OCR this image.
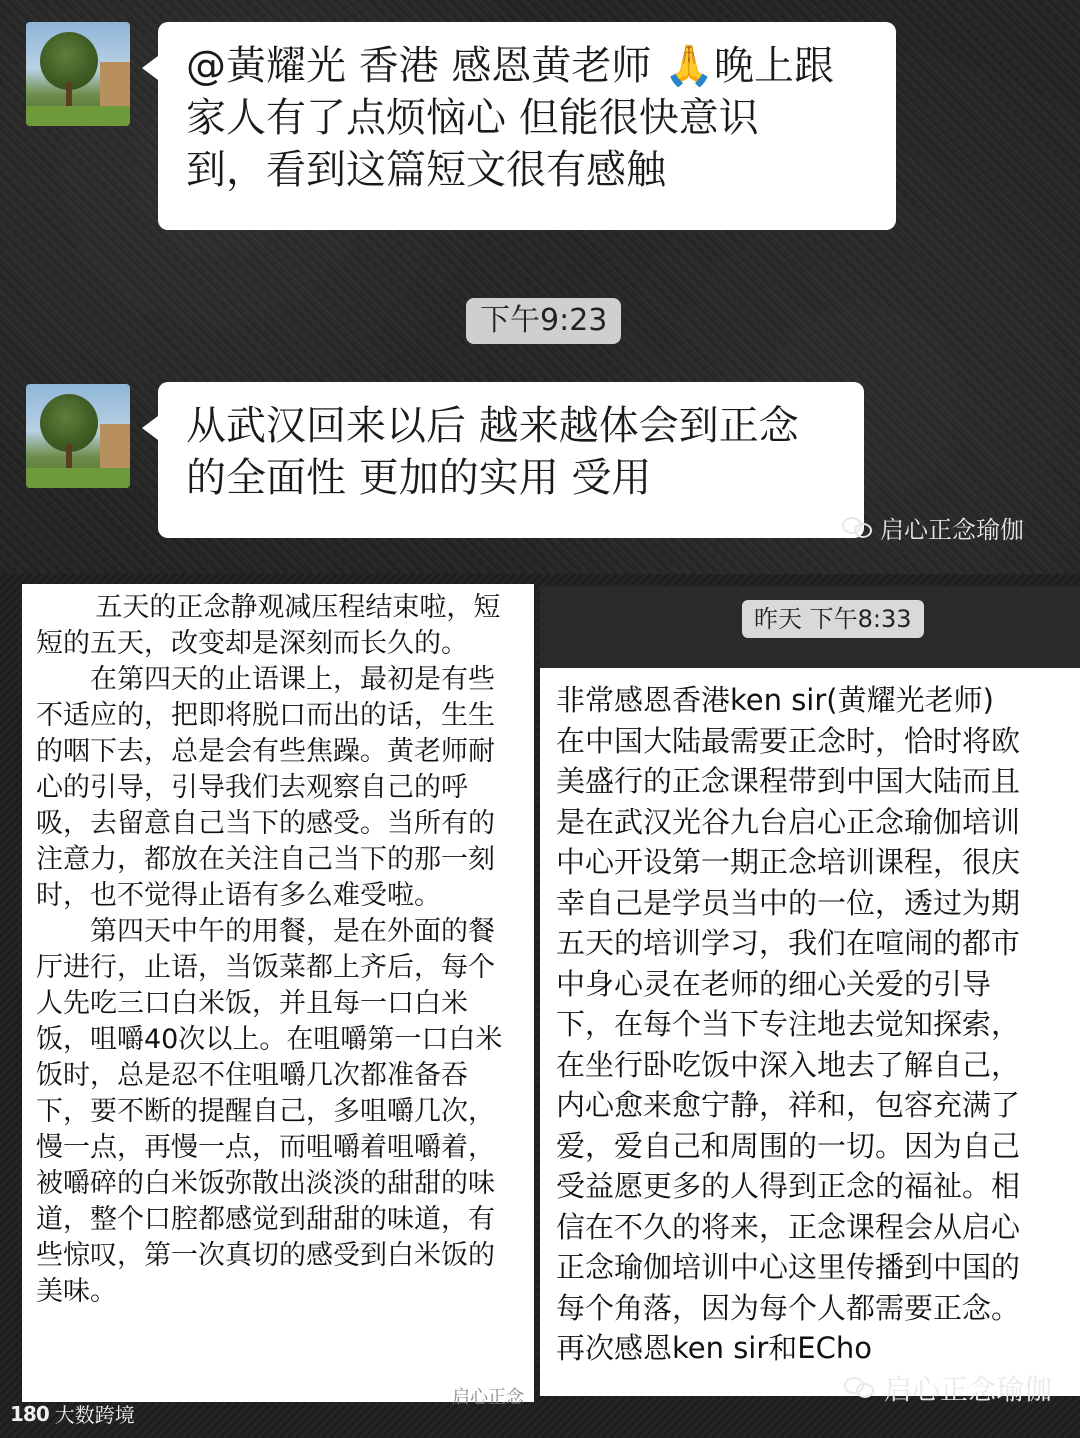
@黃耀光 香港 感恩黄老师 🙏晚上跟
家人有了点烦恼心 但能很快意识
到，看到这篇短文很有感触
下午9:23
从武汉回来以后 越来越体会到正念
的全面性 更加的实用 受用
启心正念瑜伽

五天的正念静观减压程结束啦，短短的五天，改变却是深刻而长久的。

在第四天的止语课上，最初是有些不适应的，把即将脱口而出的话，生生的咽下去，总是会有些焦躁。黄老师耐心的引导，引导我们去观察自己的呼吸，去留意自己当下的感受。当所有的注意力，都放在关注自己当下的那一刻时，也不觉得止语有多么难受啦。

第四天中午的用餐，是在外面的餐厅进行，止语，当饭菜都上齐后，每个人先吃三口白米饭，并且每一口白米饭，咀嚼40次以上。在咀嚼第一口白米饭时，总是忍不住咀嚼几次都准备吞下，要不断的提醒自己，多咀嚼几次，慢一点，再慢一点，而咀嚼着咀嚼着，被嚼碎的白米饭弥散出淡淡的甜甜的味道，整个口腔都感觉到甜甜的味道，有些惊叹，第一次真切的感受到白米饭的美味。

启心正念
昨天 下午8:33

非常感恩香港ken sir(黄耀光老师)

在中国大陆最需要正念时，恰时将欧

美盛行的正念课程带到中国大陆而且

是在武汉光谷九台启心正念瑜伽培训

中心开设第一期正念培训课程，很庆

幸自己是学员当中的一位，透过为期

五天的培训学习，我们在喧闹的都市

中身心灵在老师的细心关爱的引导

下，在每个当下专注地去觉知探索，

在坐行卧吃饭中深入地去了解自己，

内心愈来愈宁静，祥和，包容充满了

爱，爱自己和周围的一切。因为自己

受益愿更多的人得到正念的福祉。相

信在不久的将来，正念课程会从启心

正念瑜伽培训中心这里传播到中国的

每个角落，因为每个人都需要正念。

再次感恩ken sir和ECho

启心正念瑜伽
180 大数跨境
